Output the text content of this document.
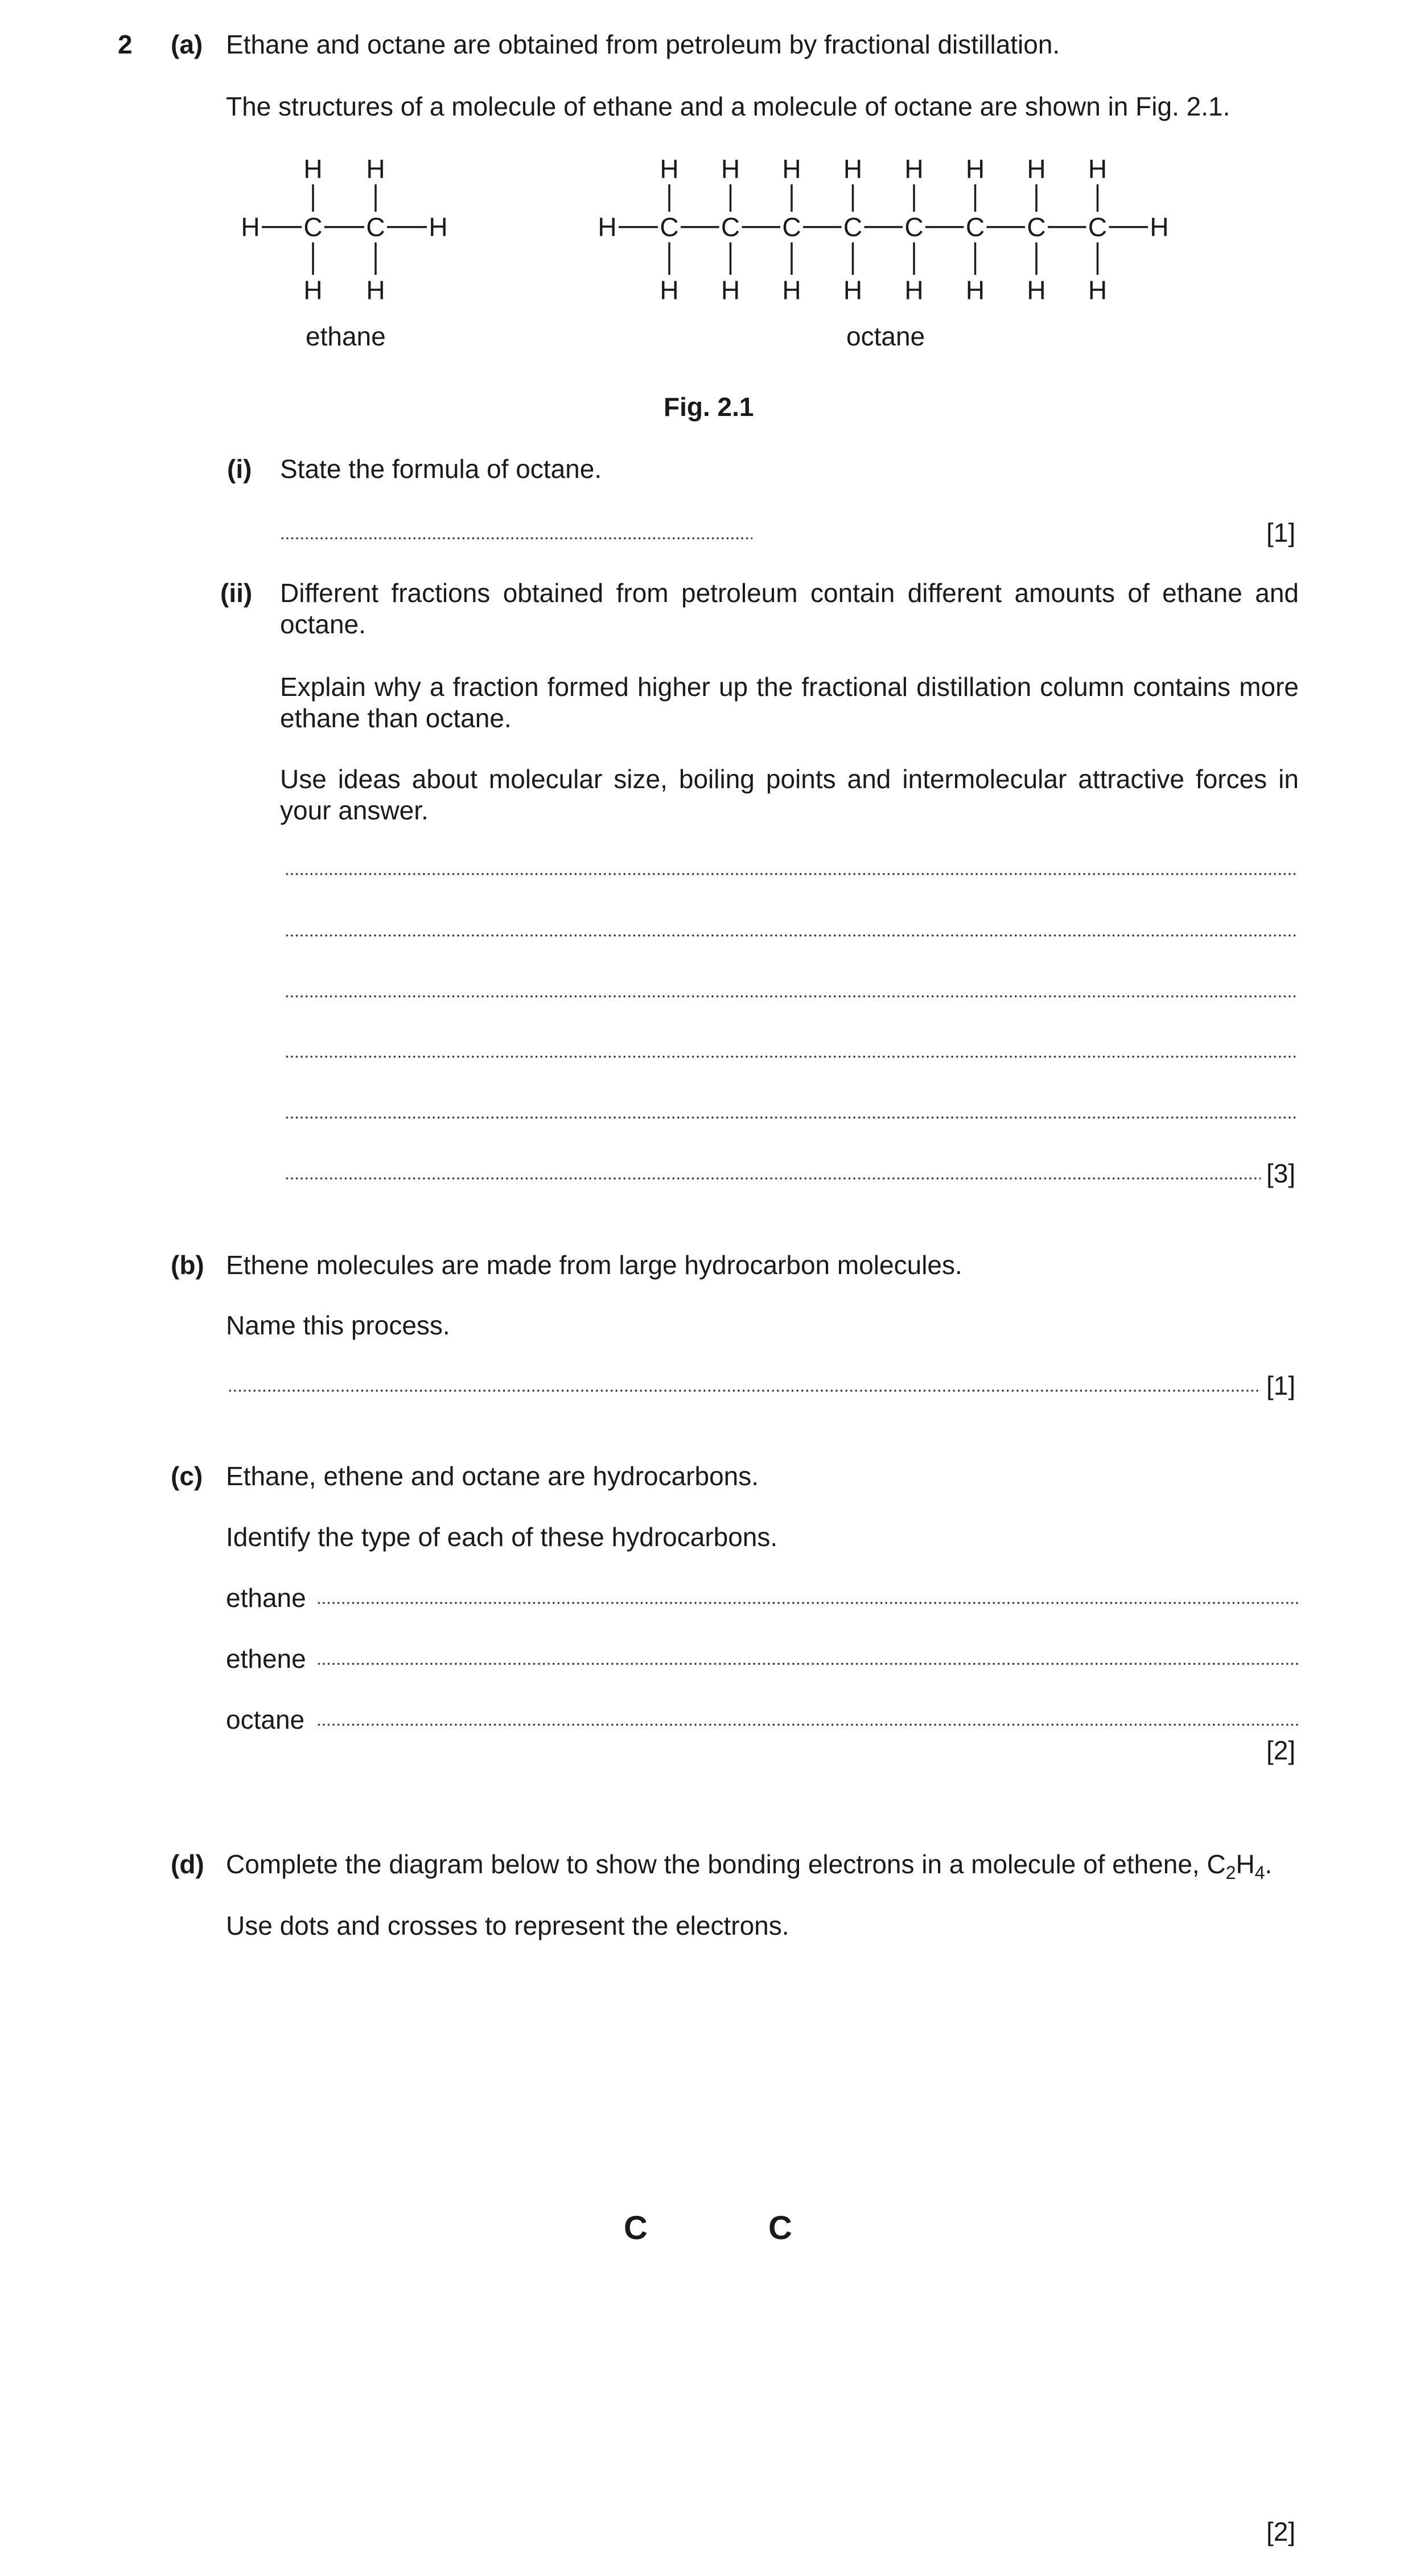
2 (a) Ethane and octane are obtained from petroleum by fractional distillation.
The structures of a molecule of ethane and a molecule of octane are shown in Fig. 2.1.
H C
H
H
C
H
H
H	H C
H
H
C
H
H
C
H
H
C
H
H
C
H
H
C
H
H
C
H
H
C
H
H
H
ethane	octane
Fig. 2.1
(i) State the formula of octane.
[1]
(ii) Different fractions obtained from petroleum contain different amounts of ethane and octane.
Explain why a fraction formed higher up the fractional distillation column contains more ethane than octane.
Use ideas about molecular size, boiling points and intermolecular attractive forces in your answer.
[3]
(b) Ethene molecules are made from large hydrocarbon molecules.
Name this process.
[1]
(c) Ethane, ethene and octane are hydrocarbons.
Identify the type of each of these hydrocarbons.
ethane
ethene
octane
[2]
(d) Complete the diagram below to show the bonding electrons in a molecule of ethene, $C_2H_4$.
Use dots and crosses to represent the electrons.
C	C
[2]
